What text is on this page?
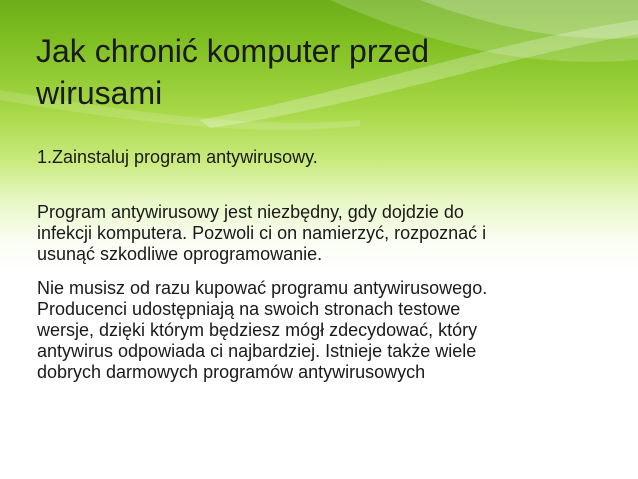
Jak chronić komputer przed
wirusami

1.Zainstaluj program antywirusowy.

Program antywirusowy jest niezbędny, gdy dojdzie do
infekcji komputera. Pozwoli ci on namierzyć, rozpoznać i
usunąć szkodliwe oprogramowanie.

Nie musisz od razu kupować programu antywirusowego.
Producenci udostępniają na swoich stronach testowe
wersje, dzięki którym będziesz mógł zdecydować, który
antywirus odpowiada ci najbardziej. Istnieje także wiele
dobrych darmowych programów antywirusowych
